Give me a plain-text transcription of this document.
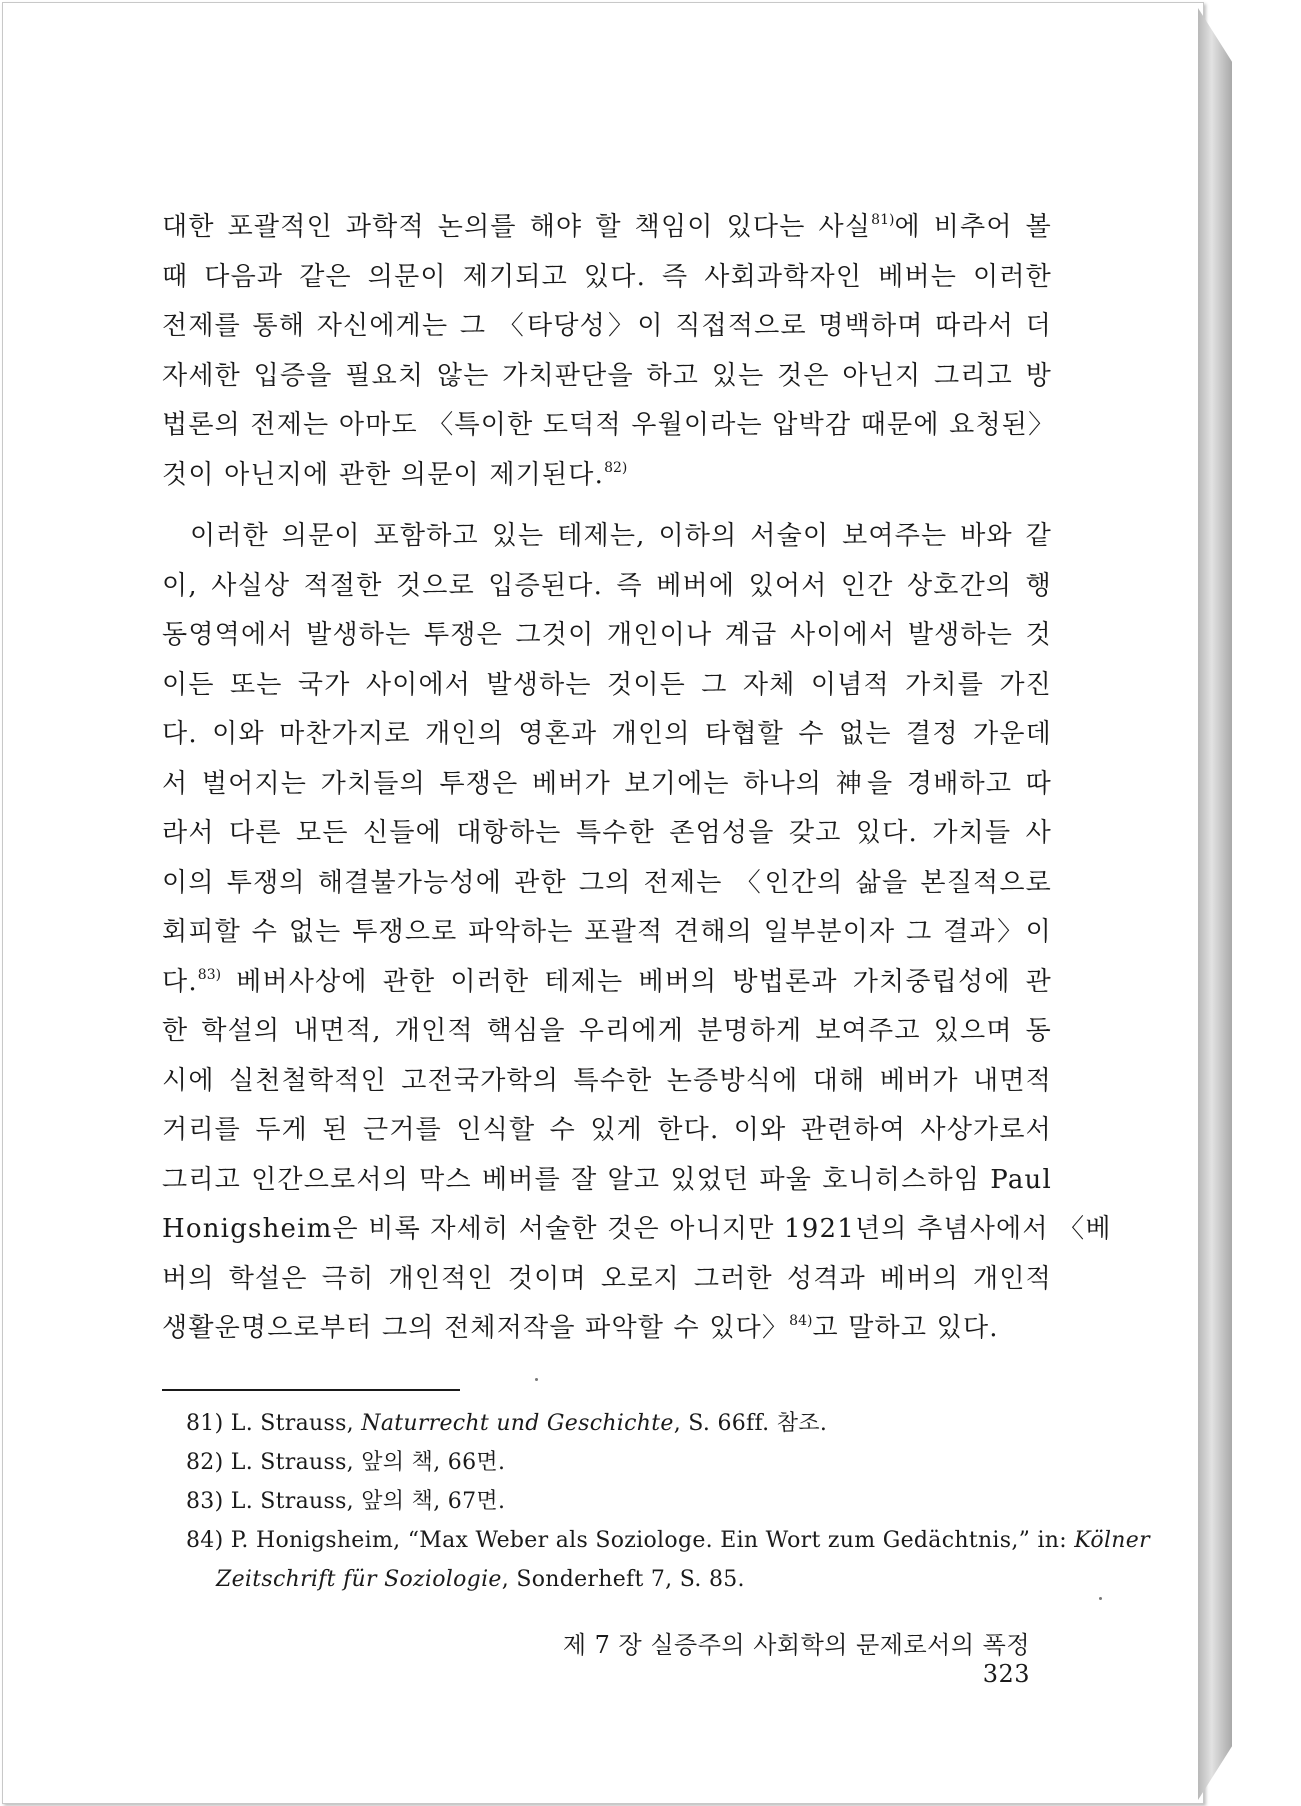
대한 포괄적인 과학적 논의를 해야 할 책임이 있다는 사실$^{81)}$에 비추어 볼
때 다음과 같은 의문이 제기되고 있다. 즉 사회과학자인 베버는 이러한
전제를 통해 자신에게는 그 〈타당성〉이 직접적으로 명백하며 따라서 더
자세한 입증을 필요치 않는 가치판단을 하고 있는 것은 아닌지 그리고 방
법론의 전제는 아마도 〈특이한 도덕적 우월이라는 압박감 때문에 요청된〉
것이 아닌지에 관한 의문이 제기된다.$^{82)}$
이러한 의문이 포함하고 있는 테제는, 이하의 서술이 보여주는 바와 같
이, 사실상 적절한 것으로 입증된다. 즉 베버에 있어서 인간 상호간의 행
동영역에서 발생하는 투쟁은 그것이 개인이나 계급 사이에서 발생하는 것
이든 또는 국가 사이에서 발생하는 것이든 그 자체 이념적 가치를 가진
다. 이와 마찬가지로 개인의 영혼과 개인의 타협할 수 없는 결정 가운데
서 벌어지는 가치들의 투쟁은 베버가 보기에는 하나의 神을 경배하고 따
라서 다른 모든 신들에 대항하는 특수한 존엄성을 갖고 있다. 가치들 사
이의 투쟁의 해결불가능성에 관한 그의 전제는 〈인간의 삶을 본질적으로
회피할 수 없는 투쟁으로 파악하는 포괄적 견해의 일부분이자 그 결과〉이
다.$^{83)}$ 베버사상에 관한 이러한 테제는 베버의 방법론과 가치중립성에 관
한 학설의 내면적, 개인적 핵심을 우리에게 분명하게 보여주고 있으며 동
시에 실천철학적인 고전국가학의 특수한 논증방식에 대해 베버가 내면적
거리를 두게 된 근거를 인식할 수 있게 한다. 이와 관련하여 사상가로서
그리고 인간으로서의 막스 베버를 잘 알고 있었던 파울 호니히스하임 Paul
Honigsheim은 비록 자세히 서술한 것은 아니지만 1921년의 추념사에서 〈베
버의 학설은 극히 개인적인 것이며 오로지 그러한 성격과 베버의 개인적
생활운명으로부터 그의 전체저작을 파악할 수 있다〉$^{84)}$고 말하고 있다.
81) L. Strauss, Naturrecht und Geschichte, S. 66ff. 참조.
82) L. Strauss, 앞의 책, 66면.
83) L. Strauss, 앞의 책, 67면.
84) P. Honigsheim, “Max Weber als Soziologe. Ein Wort zum Gedächtnis,” in: Kölner
Zeitschrift für Soziologie, Sonderheft 7, S. 85.
제 7 장 실증주의 사회학의 문제로서의 폭정 323
